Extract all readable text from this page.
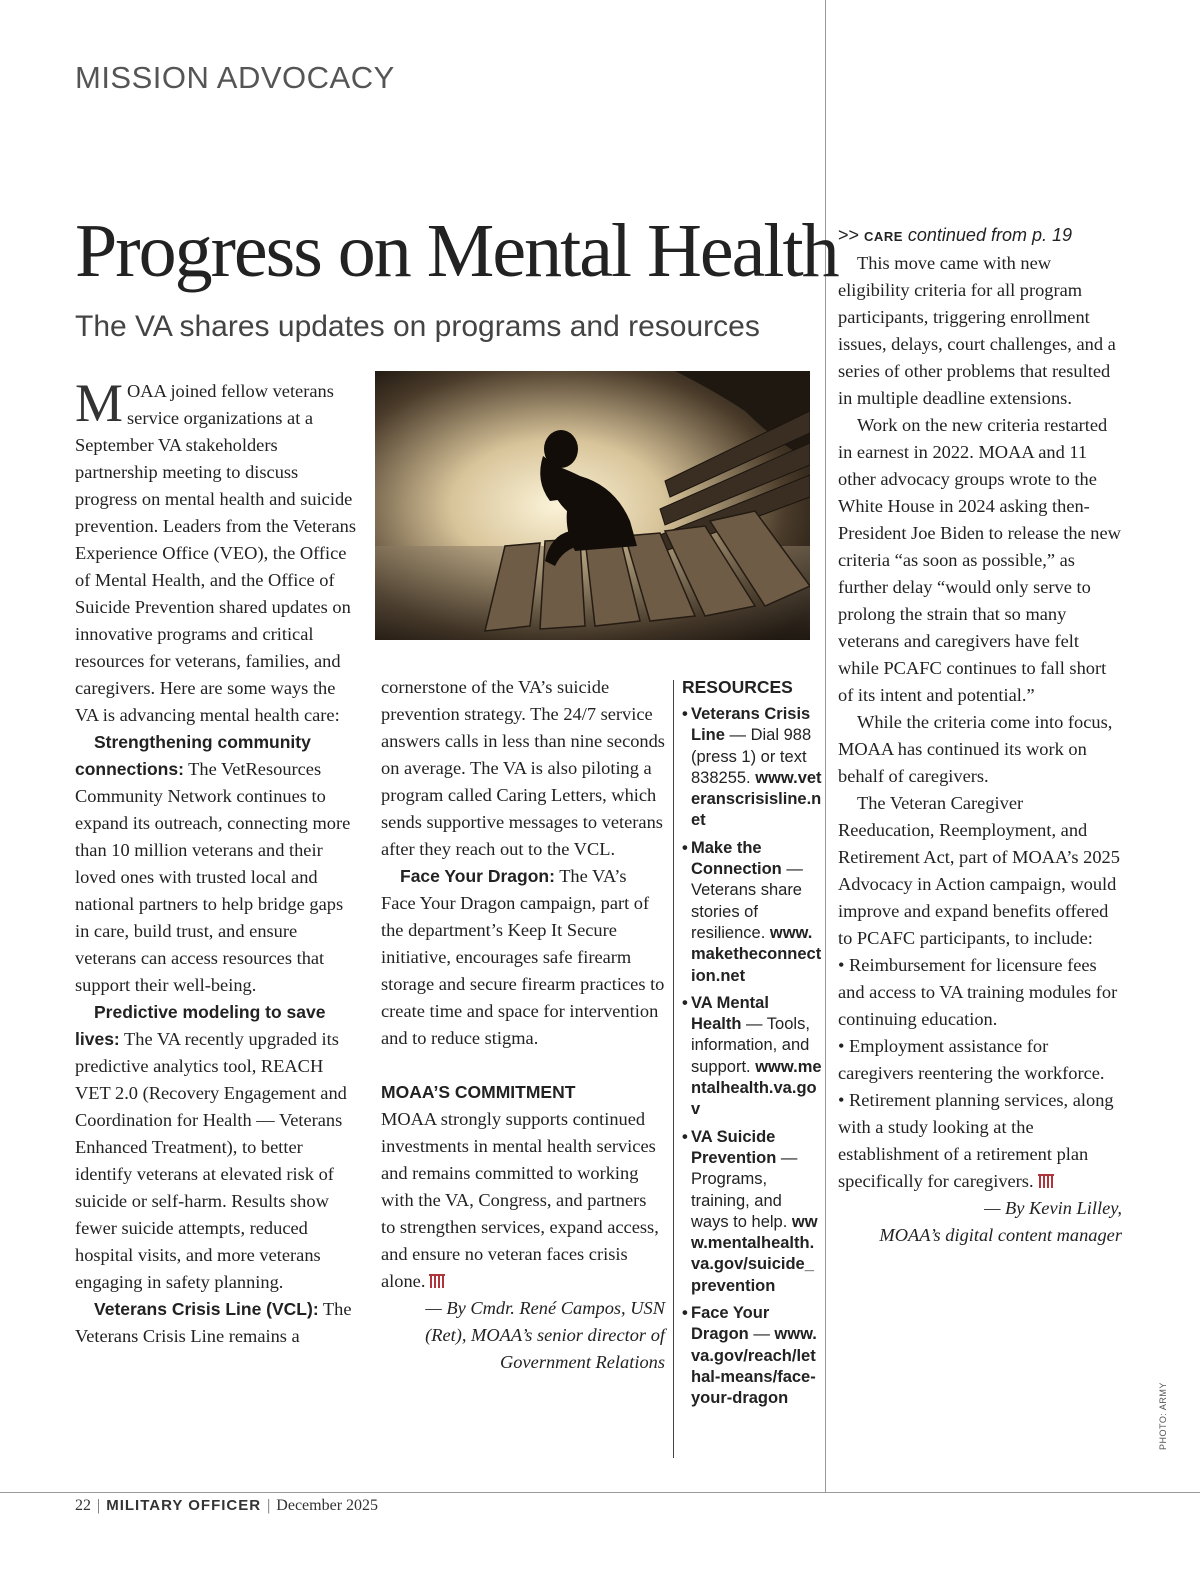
MISSION ADVOCACY
Progress on Mental Health
The VA shares updates on programs and resources

MOAA joined fellow veterans service organizations at a September VA stakeholders partnership meeting to discuss progress on mental health and suicide prevention. Leaders from the Veterans Experience Office (VEO), the Office of Mental Health, and the Office of Suicide Prevention shared updates on innovative programs and critical resources for veterans, families, and caregivers. Here are some ways the VA is advancing mental health care:

Strengthening community connections: The VetResources Community Network continues to expand its outreach, connecting more than 10 million veterans and their loved ones with trusted local and national partners to help bridge gaps in care, build trust, and ensure veterans can access resources that support their well-being.

Predictive modeling to save lives: The VA recently upgraded its predictive analytics tool, REACH VET 2.0 (Recovery Engagement and Coordination for Health — Veterans Enhanced Treatment), to better identify veterans at elevated risk of suicide or self-harm. Results show fewer suicide attempts, reduced hospital visits, and more veterans engaging in safety planning.

Veterans Crisis Line (VCL): The Veterans Crisis Line remains a

cornerstone of the VA’s suicide prevention strategy. The 24/7 service answers calls in less than nine seconds on average. The VA is also piloting a program called Caring Letters, which sends supportive messages to veterans after they reach out to the VCL.

Face Your Dragon: The VA’s Face Your Dragon campaign, part of the department’s Keep It Secure initiative, encourages safe firearm storage and secure firearm practices to create time and space for intervention and to reduce stigma.

MOAA’S COMMITMENT

MOAA strongly supports continued investments in mental health services and remains committed to working with the VA, Congress, and partners to strengthen services, expand access, and ensure no veteran faces crisis alone.

— By Cmdr. René Campos, USN

(Ret), MOAA’s senior director of

Government Relations

RESOURCES
• Veterans Crisis Line — Dial 988 (press 1) or text 838255. www.veteranscrisisline.net
• Make the Connection — Veterans share stories of resilience. www.maketheconnection.net
• VA Mental Health — Tools, information, and support. www.mentalhealth.va.gov
• VA Suicide Prevention — Programs, training, and ways to help. www.mentalhealth.va.gov/suicide_prevention
• Face Your Dragon — www.va.gov/reach/lethal-means/face-your-dragon

>> CARE continued from p. 19

This move came with new eligibility criteria for all program participants, triggering enrollment issues, delays, court challenges, and a series of other problems that resulted in multiple deadline extensions.

Work on the new criteria restarted in earnest in 2022. MOAA and 11 other advocacy groups wrote to the White House in 2024 asking then-President Joe Biden to release the new criteria “as soon as possible,” as further delay “would only serve to prolong the strain that so many veterans and caregivers have felt while PCAFC continues to fall short of its intent and potential.”

While the criteria come into focus, MOAA has continued its work on behalf of caregivers.

The Veteran Caregiver Reeducation, Reemployment, and Retirement Act, part of MOAA’s 2025 Advocacy in Action campaign, would improve and expand benefits offered to PCAFC participants, to include:

• Reimbursement for licensure fees and access to VA training modules for continuing education.

• Employment assistance for caregivers reentering the workforce.

• Retirement planning services, along with a study looking at the establishment of a retirement plan specifically for caregivers.

— By Kevin Lilley,

MOAA’s digital content manager

PHOTO: ARMY
22 | MILITARY OFFICER | December 2025
